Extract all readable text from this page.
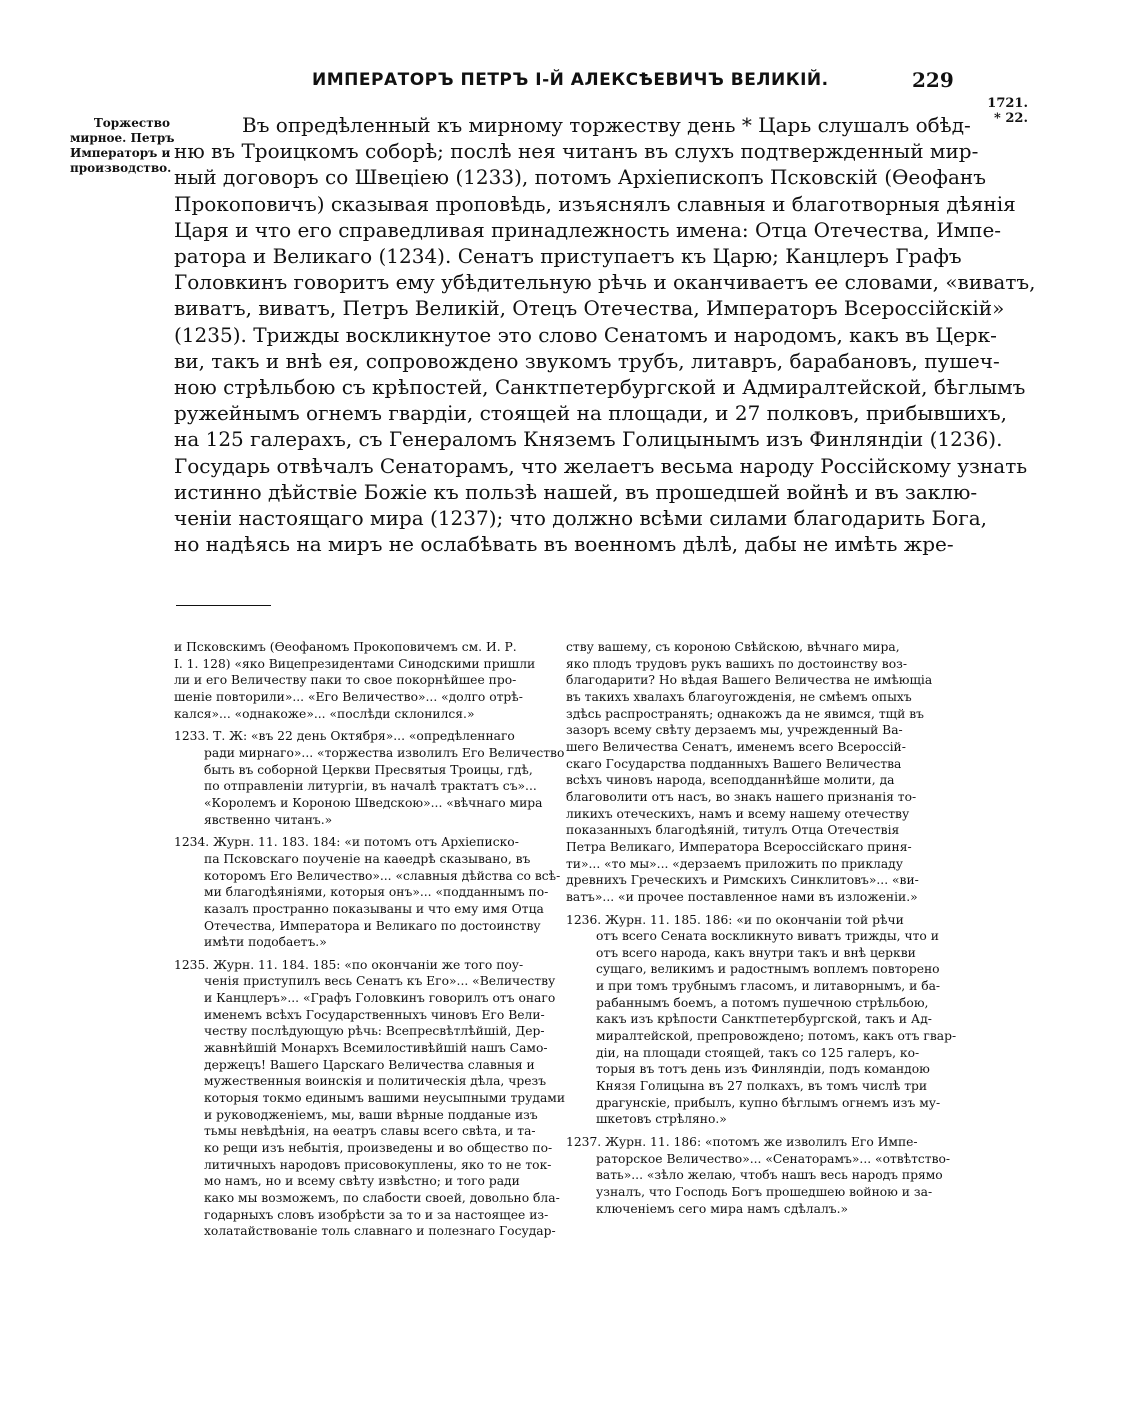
ИМПЕРАТОРЪ ПЕТРЪ I-Й АЛЕКСѢЕВИЧЪ ВЕЛИКІЙ.	229
1721.
* 22.
Торжество
мирное. Петръ
Императоръ и
производство.
Въ опредѣленный къ мирному торжеству день * Царь слушалъ обѣд-
ню въ Троицкомъ соборѣ; послѣ нея читанъ въ слухъ подтвержденный мир-
ный договоръ со Швеціею (1233), потомъ Архіепископъ Псковскій (Ѳеофанъ
Прокоповичъ) сказывая проповѣдь, изъяснялъ славныя и благотворныя дѣянія
Царя и что его справедливая принадлежность имена: Отца Отечества, Импе-
ратора и Великаго (1234). Сенатъ приступаетъ къ Царю; Канцлеръ Графъ
Головкинъ говоритъ ему убѣдительную рѣчь и оканчиваетъ ее словами, «виватъ,
виватъ, виватъ, Петръ Великій, Отецъ Отечества, Императоръ Всероссійскій»
(1235). Трижды воскликнутое это слово Сенатомъ и народомъ, какъ въ Церк-
ви, такъ и внѣ ея, сопровождено звукомъ трубъ, литавръ, барабановъ, пушеч-
ною стрѣльбою съ крѣпостей, Санктпетербургской и Адмиралтейской, бѣглымъ
ружейнымъ огнемъ гвардіи, стоящей на площади, и 27 полковъ, прибывшихъ,
на 125 галерахъ, съ Генераломъ Княземъ Голицынымъ изъ Финляндіи (1236).
Государь отвѣчалъ Сенаторамъ, что желаетъ весьма народу Россійскому узнать
истинно дѣйствіе Божіе къ пользѣ нашей, въ прошедшей войнѣ и въ заклю-
ченіи настоящаго мира (1237); что должно всѣми силами благодарить Бога,
но надѣясь на миръ не ослабѣвать въ военномъ дѣлѣ, дабы не имѣть жре-
и Псковскимъ (Ѳеофаномъ Прокоповичемъ см. И. Р.
І. 1. 128) «яко Вицепрезидентами Синодскими пришли
ли и его Величеству паки то свое покорнѣйшее про-
шеніе повторили»... «Его Величество»... «долго отрѣ-
кался»... «однакоже»... «послѣди склонился.»
1233. Т. Ж: «въ 22 день Октября»... «опредѣленнаго
ради мирнаго»... «торжества изволилъ Его Величество
быть въ соборной Церкви Пресвятыя Троицы, гдѣ,
по отправленіи литургіи, въ началѣ трактатъ съ»...
«Королемъ и Короною Шведскою»... «вѣчнаго мира
явственно читанъ.»
1234. Журн. 11. 183. 184: «и потомъ отъ Архіеписко-
па Псковскаго поученіе на каѳедрѣ сказывано, въ
которомъ Его Величество»... «славныя дѣйства со всѣ-
ми благодѣяніями, которыя онъ»... «подданнымъ по-
казалъ пространно показываны и что ему имя Отца
Отечества, Императора и Великаго по достоинству
имѣти подобаетъ.»
1235. Журн. 11. 184. 185: «по окончаніи же того поу-
ченія приступилъ весь Сенатъ къ Его»... «Величеству
и Канцлеръ»... «Графъ Головкинъ говорилъ отъ онаго
именемъ всѣхъ Государственныхъ чиновъ Его Вели-
честву послѣдующую рѣчь: Всепресвѣтлѣйшій, Дер-
жавнѣйшій Монархъ Всемилостивѣйшій нашъ Само-
держецъ! Вашего Царскаго Величества славныя и
мужественныя воинскія и политическія дѣла, чрезъ
которыя токмо единымъ вашими неусыпными трудами
и руководженіемъ, мы, ваши вѣрные подданые изъ
тьмы невѣдѣнія, на ѳеатръ славы всего свѣта, и та-
ко рещи изъ небытія, произведены и во общество по-
литичныхъ народовъ присовокуплены, яко то не ток-
мо намъ, но и всему свѣту извѣстно; и того ради
како мы возможемъ, по слабости своей, довольно бла-
годарныхъ словъ изобрѣсти за то и за настоящее из-
холатайствованіе толь славнаго и полезнаго Государ-
ству вашему, съ короною Свѣйскою, вѣчнаго мира,
яко плодъ трудовъ рукъ вашихъ по достоинству воз-
благодарити? Но вѣдая Вашего Величества не имѣющіа
въ такихъ хвалахъ благоугожденія, не смѣемъ опыхъ
здѣсь распространять; однакожъ да не явимся, тщй въ
зазоръ всему свѣту дерзаемъ мы, учрежденный Ва-
шего Величества Сенатъ, именемъ всего Всероссій-
скаго Государства подданныхъ Вашего Величества
всѣхъ чиновъ народа, всеподданнѣйше молити, да
благоволити отъ насъ, во знакъ нашего признанія то-
ликихъ отеческихъ, намъ и всему нашему отечеству
показанныхъ благодѣяній, титулъ Отца Отечествія
Петра Великаго, Императора Всероссійскаго приня-
ти»... «то мы»... «дерзаемъ приложить по прикладу
древнихъ Греческихъ и Римскихъ Синклитовъ»... «ви-
ватъ»... «и прочее поставленное нами въ изложеніи.»
1236. Журн. 11. 185. 186: «и по окончаніи той рѣчи
отъ всего Сената воскликнуто виватъ трижды, что и
отъ всего народа, какъ внутри такъ и внѣ церкви
сущаго, великимъ и радостнымъ воплемъ повторено
и при томъ трубнымъ гласомъ, и литаворнымъ, и ба-
рабаннымъ боемъ, а потомъ пушечною стрѣльбою,
какъ изъ крѣпости Санктпетербургской, такъ и Ад-
миралтейской, препровождено; потомъ, какъ отъ гвар-
діи, на площади стоящей, такъ со 125 галеръ, ко-
торыя въ тотъ день изъ Финляндіи, подъ командою
Князя Голицына въ 27 полкахъ, въ томъ числѣ три
драгунскіе, прибылъ, купно бѣглымъ огнемъ изъ му-
шкетовъ стрѣляно.»
1237. Журн. 11. 186: «потомъ же изволилъ Его Импе-
раторское Величество»... «Сенаторамъ»... «отвѣтство-
вать»... «зѣло желаю, чтобъ нашъ весь народъ прямо
узналъ, что Господь Богъ прошедшею войною и за-
ключеніемъ сего мира намъ сдѣлалъ.»
